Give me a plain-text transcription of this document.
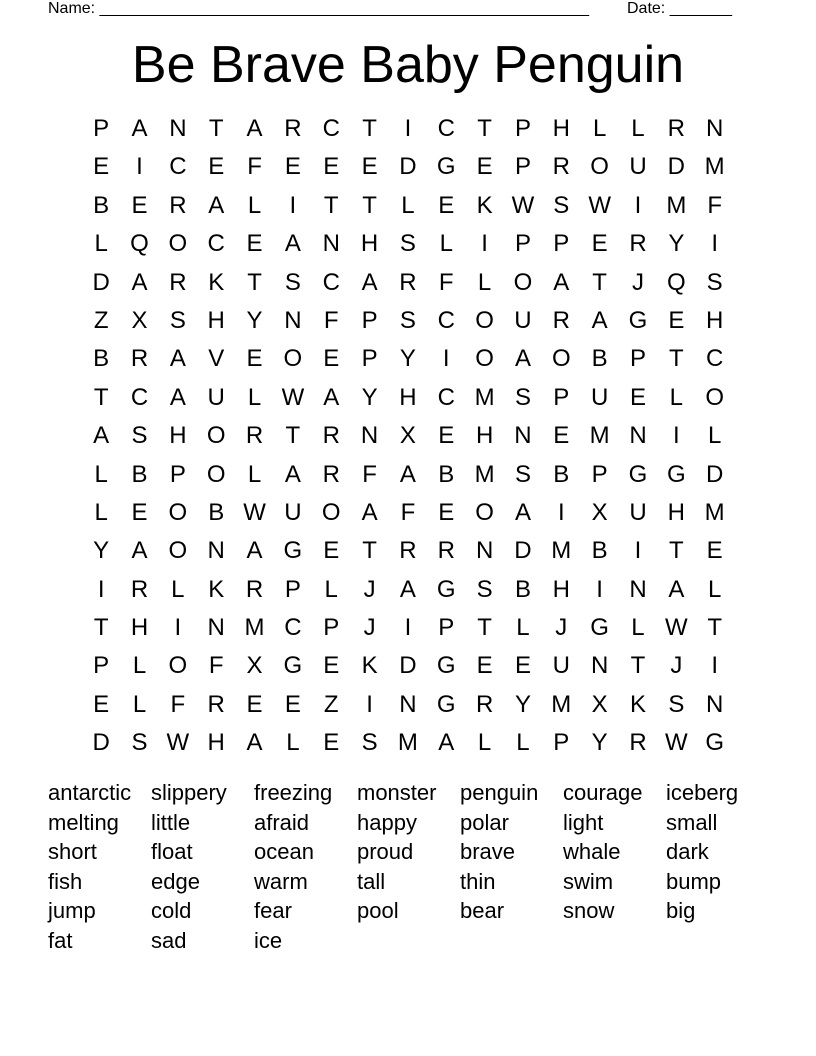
Name: _______________________________________________________ Date: _______
Be Brave Baby Penguin
P A N T A R C T	I	C T P H L	L R N
E	I	C E F E E E D G E P R O U D M
B E R A L	I	T T	L E K W S W I	M F
L Q O C E A N H S L	I	P P E R Y	I
D A R K T S C A R F	L O A T	J Q S
Z X S H Y N F P S C O U R A G E H
B R A V E O E P Y	I	O A O B P T C
T C A U L W A Y H C M S P U E L O
A S H O R T R N X E H N E M N	I	L
L B P O L A R F A B M S B P G G D
L E O B W U O A F E O A	I	X U H M
Y A O N A G E T R R N D M B	I	T E
I	R L K R P L	J	A G S B H	I	N A L
T H	I	N M C P	J	I	P T	L	J G L W T
P L O F X G E K D G E E U N T	J	I
E L	F R E E Z	I	N G R Y M X K S N
D S W H A L E S M A L	L P Y R W G
antarctic slippery	freezing	monster	penguin	courage	iceberg
melting	little	afraid	happy	polar	light	small
short	float	ocean	proud	brave	whale	dark
fish	edge	warm	tall	thin	swim	bump
jump	cold	fear	pool	bear	snow	big
fat	sad	ice
